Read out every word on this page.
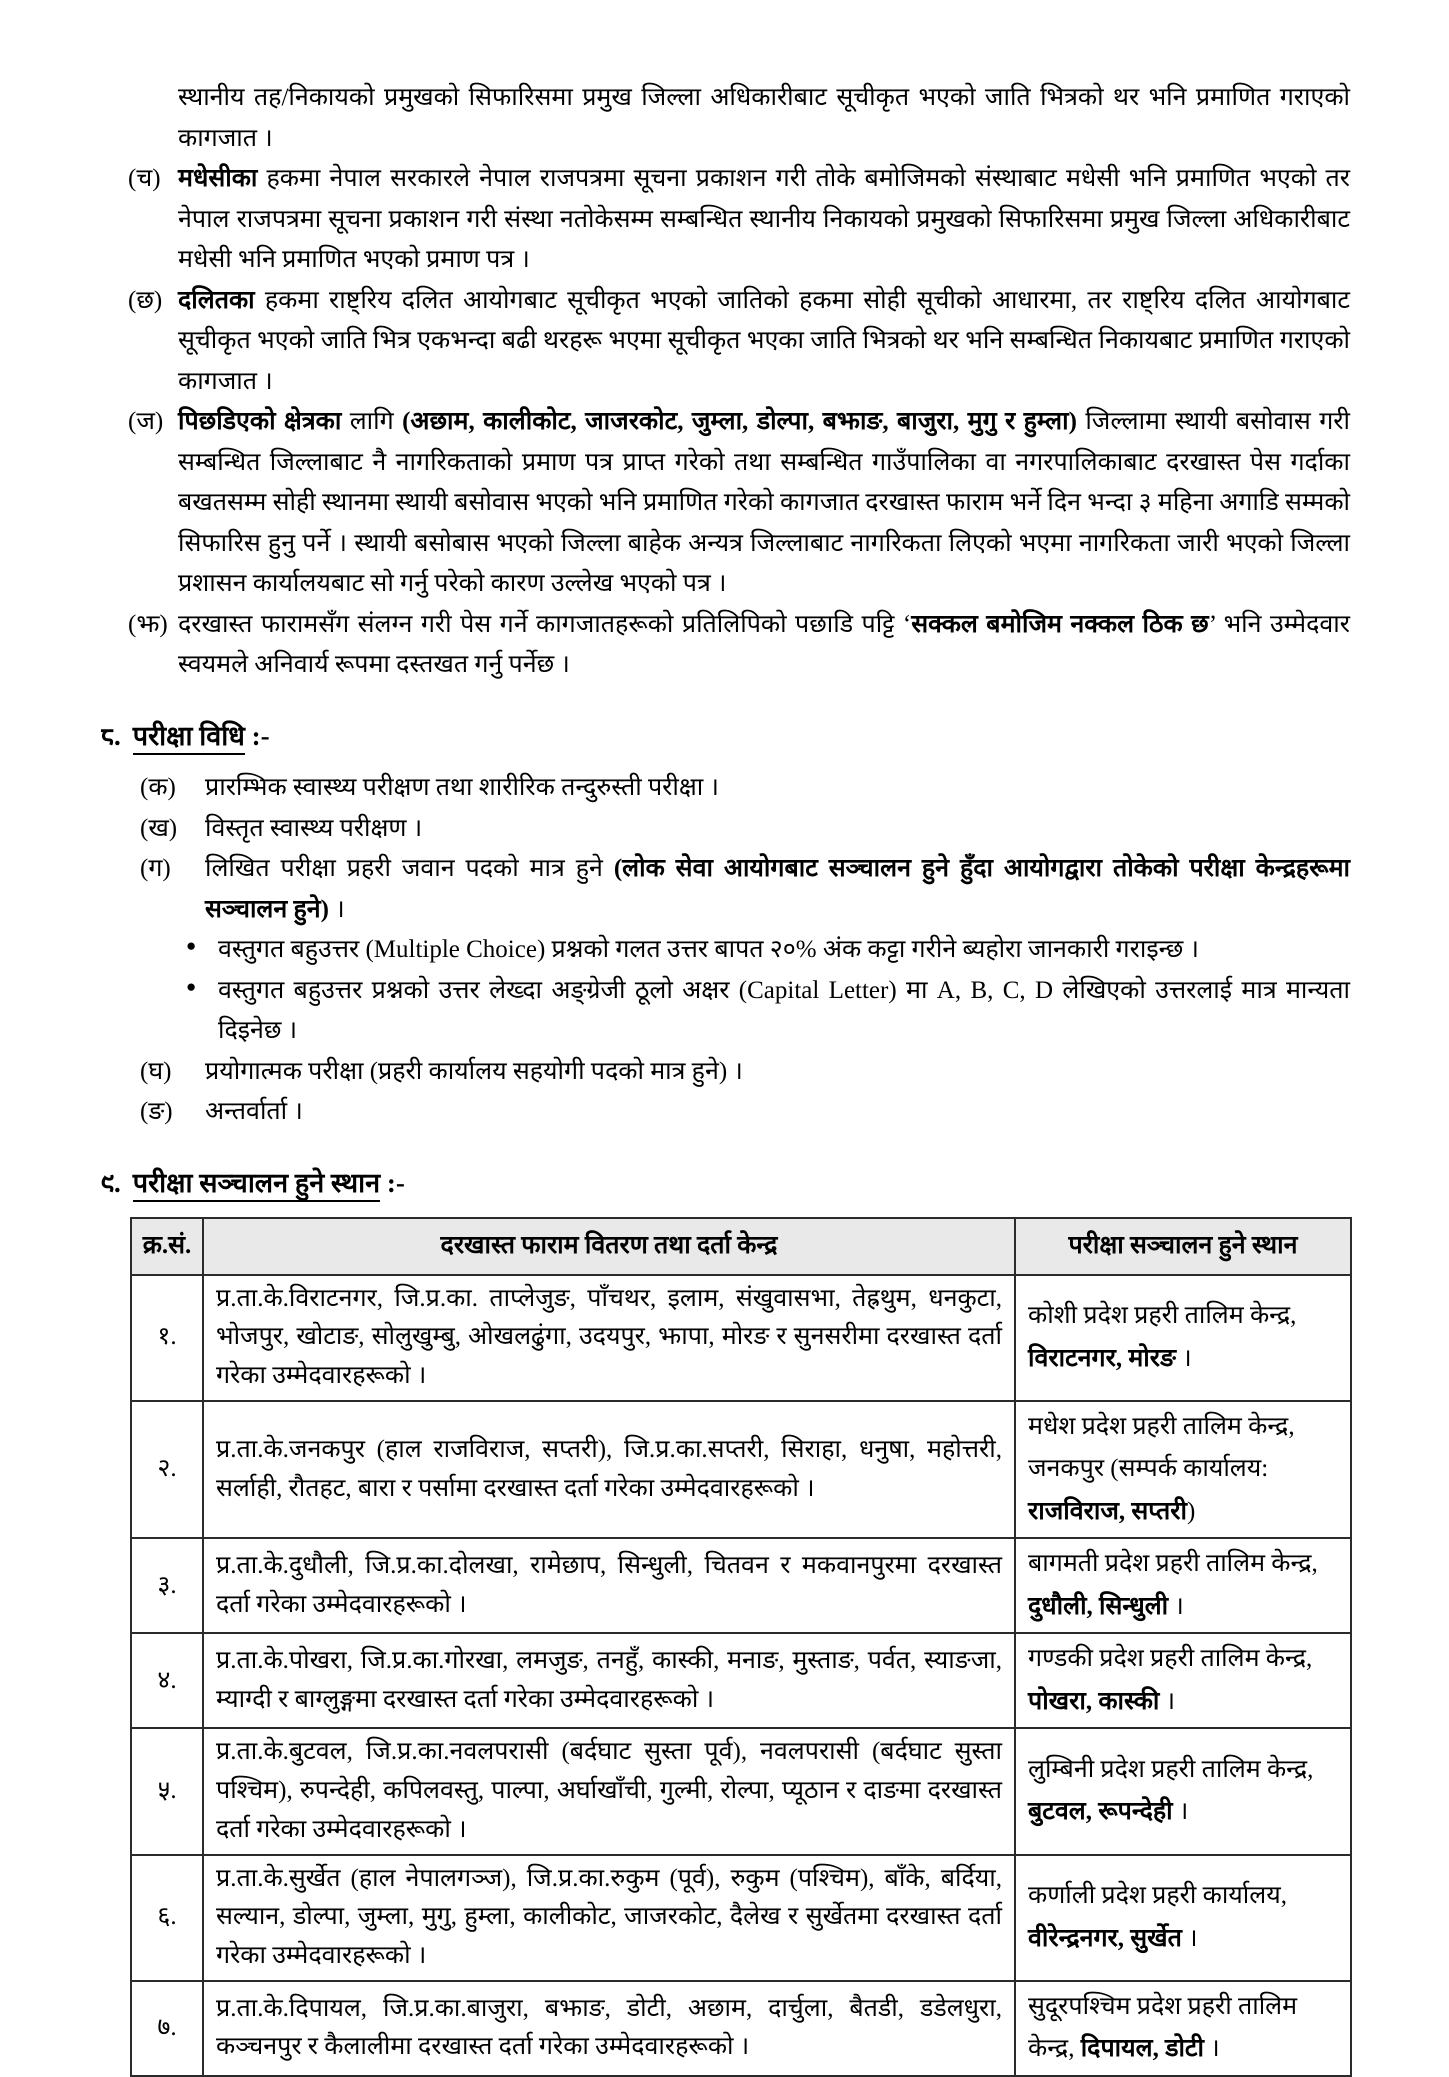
स्थानीय तह/निकायको प्रमुखको सिफारिसमा प्रमुख जिल्ला अधिकारीबाट सूचीकृत भएको जाति भित्रको थर भनि प्रमाणित गराएको कागजात ।

(च) मधेसीका हकमा नेपाल सरकारले नेपाल राजपत्रमा सूचना प्रकाशन गरी तोके बमोजिमको संस्थाबाट मधेसी भनि प्रमाणित भएको तर नेपाल राजपत्रमा सूचना प्रकाशन गरी संस्था नतोकेसम्म सम्बन्धित स्थानीय निकायको प्रमुखको सिफारिसमा प्रमुख जिल्ला अधिकारीबाट मधेसी भनि प्रमाणित भएको प्रमाण पत्र ।
(छ) दलितका हकमा राष्ट्रिय दलित आयोगबाट सूचीकृत भएको जातिको हकमा सोही सूचीको आधारमा, तर राष्ट्रिय दलित आयोगबाट सूचीकृत भएको जाति भित्र एकभन्दा बढी थरहरू भएमा सूचीकृत भएका जाति भित्रको थर भनि सम्बन्धित निकायबाट प्रमाणित गराएको कागजात ।
(ज) पिछडिएको क्षेत्रका लागि (अछाम, कालीकोट, जाजरकोट, जुम्ला, डोल्पा, बझाङ, बाजुरा, मुगु र हुम्ला) जिल्लामा स्थायी बसोवास गरी सम्बन्धित जिल्लाबाट नै नागरिकताको प्रमाण पत्र प्राप्त गरेको तथा सम्बन्धित गाउँपालिका वा नगरपालिकाबाट दरखास्त पेस गर्दाका बखतसम्म सोही स्थानमा स्थायी बसोवास भएको भनि प्रमाणित गरेको कागजात दरखास्त फाराम भर्ने दिन भन्दा ३ महिना अगाडि सम्मको सिफारिस हुनु पर्ने । स्थायी बसोबास भएको जिल्ला बाहेक अन्यत्र जिल्लाबाट नागरिकता लिएको भएमा नागरिकता जारी भएको जिल्ला प्रशासन कार्यालयबाट सो गर्नु परेको कारण उल्लेख भएको पत्र ।
(झ) दरखास्त फारामसँग संलग्न गरी पेस गर्ने कागजातहरूको प्रतिलिपिको पछाडि पट्टि ‘सक्कल बमोजिम नक्कल ठिक छ’ भनि उम्मेदवार स्वयमले अनिवार्य रूपमा दस्तखत गर्नु पर्नेछ ।
८. परीक्षा विधि :-
(क) प्रारम्भिक स्वास्थ्य परीक्षण तथा शारीरिक तन्दुरुस्ती परीक्षा ।
(ख) विस्तृत स्वास्थ्य परीक्षण ।
(ग) लिखित परीक्षा प्रहरी जवान पदको मात्र हुने (लोक सेवा आयोगबाट सञ्चालन हुने हुँदा आयोगद्वारा तोकेको परीक्षा केन्द्रहरूमा सञ्चालन हुने) ।
● वस्तुगत बहुउत्तर (Multiple Choice) प्रश्नको गलत उत्तर बापत २०% अंक कट्टा गरीने ब्यहोरा जानकारी गराइन्छ ।
● वस्तुगत बहुउत्तर प्रश्नको उत्तर लेख्दा अङ्ग्रेजी ठूलो अक्षर (Capital Letter) मा A, B, C, D लेखिएको उत्तरलाई मात्र मान्यता दिइनेछ ।
(घ) प्रयोगात्मक परीक्षा (प्रहरी कार्यालय सहयोगी पदको मात्र हुने) ।
(ङ) अन्तर्वार्ता ।
९. परीक्षा सञ्चालन हुने स्थान :-
क्र.सं.	दरखास्त फाराम वितरण तथा दर्ता केन्द्र	परीक्षा सञ्चालन हुने स्थान
१.	प्र.ता.के.विराटनगर, जि.प्र.का. ताप्लेजुङ, पाँचथर, इलाम, संखुवासभा, तेह्रथुम, धनकुटा, भोजपुर, खोटाङ, सोलुखुम्बु, ओखलढुंगा, उदयपुर, झापा, मोरङ र सुनसरीमा दरखास्त दर्ता गरेका उम्मेदवारहरूको ।	कोशी प्रदेश प्रहरी तालिम केन्द्र, विराटनगर, मोरङ ।
२.	प्र.ता.के.जनकपुर (हाल राजविराज, सप्तरी), जि.प्र.का.सप्तरी, सिराहा, धनुषा, महोत्तरी, सर्लाही, रौतहट, बारा र पर्सामा दरखास्त दर्ता गरेका उम्मेदवारहरूको ।	मधेश प्रदेश प्रहरी तालिम केन्द्र, जनकपुर (सम्पर्क कार्यालय: राजविराज, सप्तरी)
३.	प्र.ता.के.दुधौली, जि.प्र.का.दोलखा, रामेछाप, सिन्धुली, चितवन र मकवानपुरमा दरखास्त दर्ता गरेका उम्मेदवारहरूको ।	बागमती प्रदेश प्रहरी तालिम केन्द्र, दुधौली, सिन्धुली ।
४.	प्र.ता.के.पोखरा, जि.प्र.का.गोरखा, लमजुङ, तनहुँ, कास्की, मनाङ, मुस्ताङ, पर्वत, स्याङजा, म्याग्दी र बाग्लुङ्गमा दरखास्त दर्ता गरेका उम्मेदवारहरूको ।	गण्डकी प्रदेश प्रहरी तालिम केन्द्र, पोखरा, कास्की ।
५.	प्र.ता.के.बुटवल, जि.प्र.का.नवलपरासी (बर्दघाट सुस्ता पूर्व), नवलपरासी (बर्दघाट सुस्ता पश्चिम), रुपन्देही, कपिलवस्तु, पाल्पा, अर्घाखाँची, गुल्मी, रोल्पा, प्यूठान र दाङमा दरखास्त दर्ता गरेका उम्मेदवारहरूको ।	लुम्बिनी प्रदेश प्रहरी तालिम केन्द्र, बुटवल, रूपन्देही ।
६.	प्र.ता.के.सुर्खेत (हाल नेपालगञ्ज), जि.प्र.का.रुकुम (पूर्व), रुकुम (पश्चिम), बाँके, बर्दिया, सल्यान, डोल्पा, जुम्ला, मुगु, हुम्ला, कालीकोट, जाजरकोट, दैलेख र सुर्खेतमा दरखास्त दर्ता गरेका उम्मेदवारहरूको ।	कर्णाली प्रदेश प्रहरी कार्यालय, वीरेन्द्रनगर, सुर्खेत ।
७.	प्र.ता.के.दिपायल, जि.प्र.का.बाजुरा, बझाङ, डोटी, अछाम, दार्चुला, बैतडी, डडेलधुरा, कञ्चनपुर र कैलालीमा दरखास्त दर्ता गरेका उम्मेदवारहरूको ।	सुदूरपश्चिम प्रदेश प्रहरी तालिम केन्द्र, दिपायल, डोटी ।
